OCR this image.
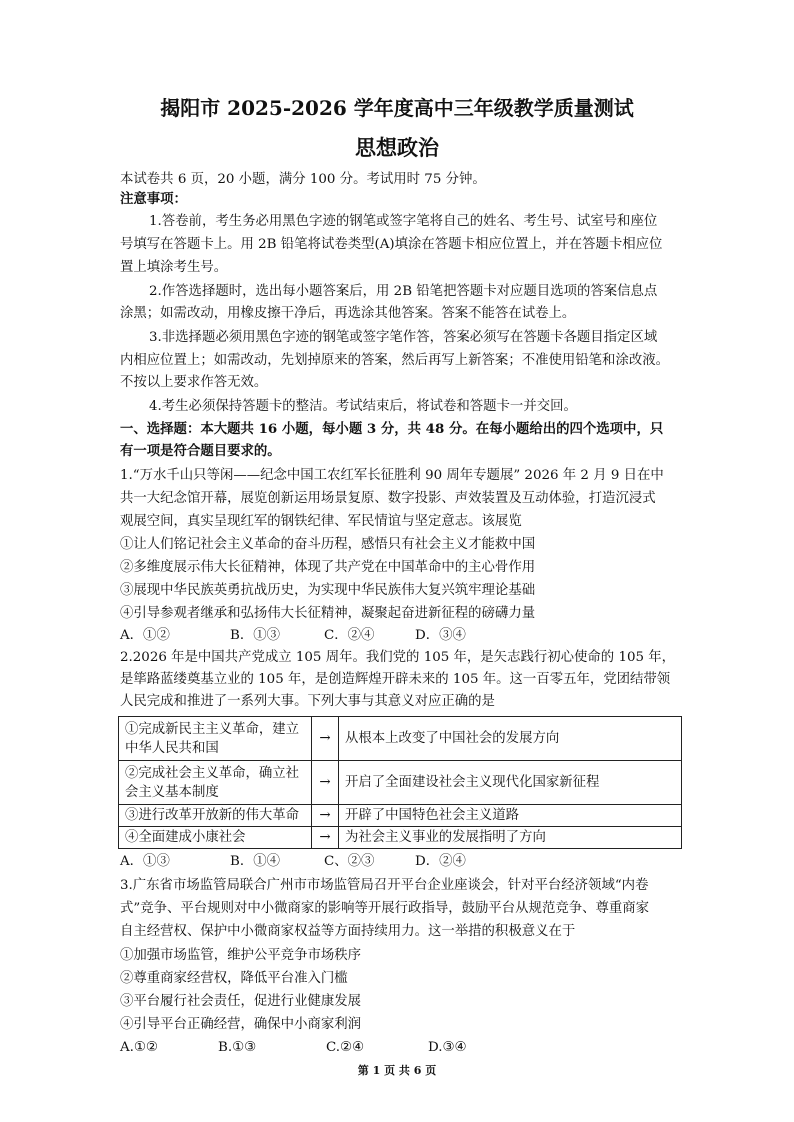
揭阳市 2025-2026 学年度高中三年级教学质量测试
思想政治
本试卷共 6 页，20 小题，满分 100 分。考试用时 75 分钟。
注意事项：
1.答卷前，考生务必用黑色字迹的钢笔或签字笔将自己的姓名、考生号、试室号和座位
号填写在答题卡上。用 2B 铅笔将试卷类型(A)填涂在答题卡相应位置上，并在答题卡相应位
置上填涂考生号。
2.作答选择题时，选出每小题答案后，用 2B 铅笔把答题卡对应题目选项的答案信息点
涂黑；如需改动，用橡皮擦干净后，再选涂其他答案。答案不能答在试卷上。
3.非选择题必须用黑色字迹的钢笔或签字笔作答，答案必须写在答题卡各题目指定区域
内相应位置上；如需改动，先划掉原来的答案，然后再写上新答案；不准使用铅笔和涂改液。
不按以上要求作答无效。
4.考生必须保持答题卡的整洁。考试结束后，将试卷和答题卡一并交回。
一、选择题：本大题共 16 小题，每小题 3 分，共 48 分。在每小题给出的四个选项中，只
有一项是符合题目要求的。
1.“万水千山只等闲——纪念中国工农红军长征胜利 90 周年专题展” 2026 年 2 月 9 日在中
共一大纪念馆开幕，展览创新运用场景复原、数字投影、声效装置及互动体验，打造沉浸式
观展空间，真实呈现红军的钢铁纪律、军民情谊与坚定意志。该展览
①让人们铭记社会主义革命的奋斗历程，感悟只有社会主义才能救中国
②多维度展示伟大长征精神，体现了共产党在中国革命中的主心骨作用
③展现中华民族英勇抗战历史，为实现中华民族伟大复兴筑牢理论基础
④引导参观者继承和弘扬伟大长征精神，凝聚起奋进新征程的磅礴力量
A．①②	B．①③	C．②④	D．③④
2.2026 年是中国共产党成立 105 周年。我们党的 105 年，是矢志践行初心使命的 105 年，
是筚路蓝缕奠基立业的 105 年，是创造辉煌开辟未来的 105 年。这一百零五年，党团结带领
人民完成和推进了一系列大事。下列大事与其意义对应正确的是
①完成新民主主义革命，建立中华人民共和国	→	从根本上改变了中国社会的发展方向
②完成社会主义革命，确立社会主义基本制度	→	开启了全面建设社会主义现代化国家新征程
③进行改革开放新的伟大革命	→	开辟了中国特色社会主义道路
④全面建成小康社会	→	为社会主义事业的发展指明了方向
A．①③	B．①④	C、②③	D．②④
3.广东省市场监管局联合广州市市场监管局召开平台企业座谈会，针对平台经济领域“内卷
式”竞争、平台规则对中小微商家的影响等开展行政指导，鼓励平台从规范竞争、尊重商家
自主经营权、保护中小微商家权益等方面持续用力。这一举措的积极意义在于
①加强市场监管，维护公平竞争市场秩序
②尊重商家经营权，降低平台准入门槛
③平台履行社会责任，促进行业健康发展
④引导平台正确经营，确保中小商家利润
A.①②	B.①③	C.②④	D.③④
第 1 页 共 6 页
